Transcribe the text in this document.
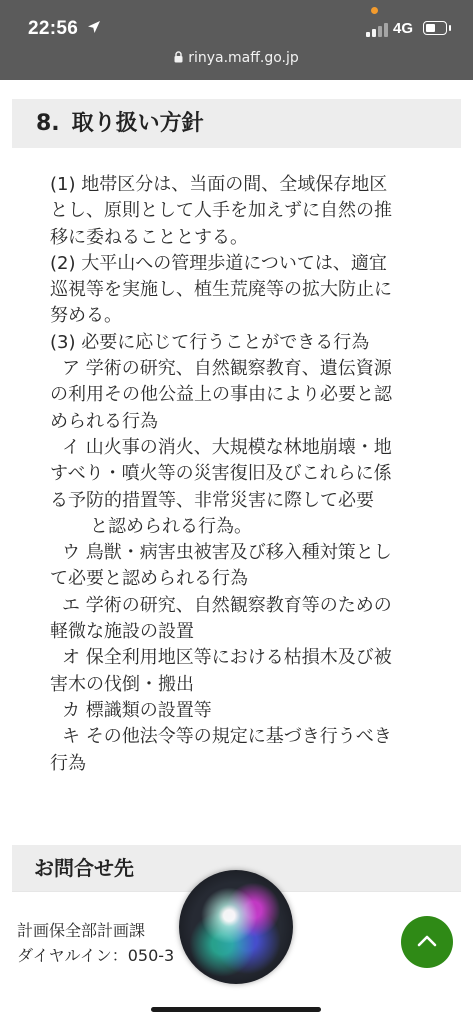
22:56	4G
rinya.maff.go.jp
8. 取り扱い方針

(1) 地帯区分は、当面の間、全域保存地区

とし、原則として人手を加えずに自然の推

移に委ねることとする。

(2) 大平山への管理歩道については、適宜

巡視等を実施し、植生荒廃等の拡大防止に

努める。

(3) 必要に応じて行うことができる行為

ア 学術の研究、自然観察教育、遺伝資源

の利用その他公益上の事由により必要と認

められる行為

イ 山火事の消火、大規模な林地崩壊・地

すべり・噴火等の災害復旧及びこれらに係

る予防的措置等、非常災害に際して必要

と認められる行為。

ウ 鳥獣・病害虫被害及び移入種対策とし

て必要と認められる行為

エ 学術の研究、自然観察教育等のための

軽微な施設の設置

オ 保全利用地区等における枯損木及び被

害木の伐倒・搬出

カ 標識類の設置等

キ その他法令等の規定に基づき行うべき

行為

お問合せ先
計画保全部計画課
ダイヤルイン：050-3
